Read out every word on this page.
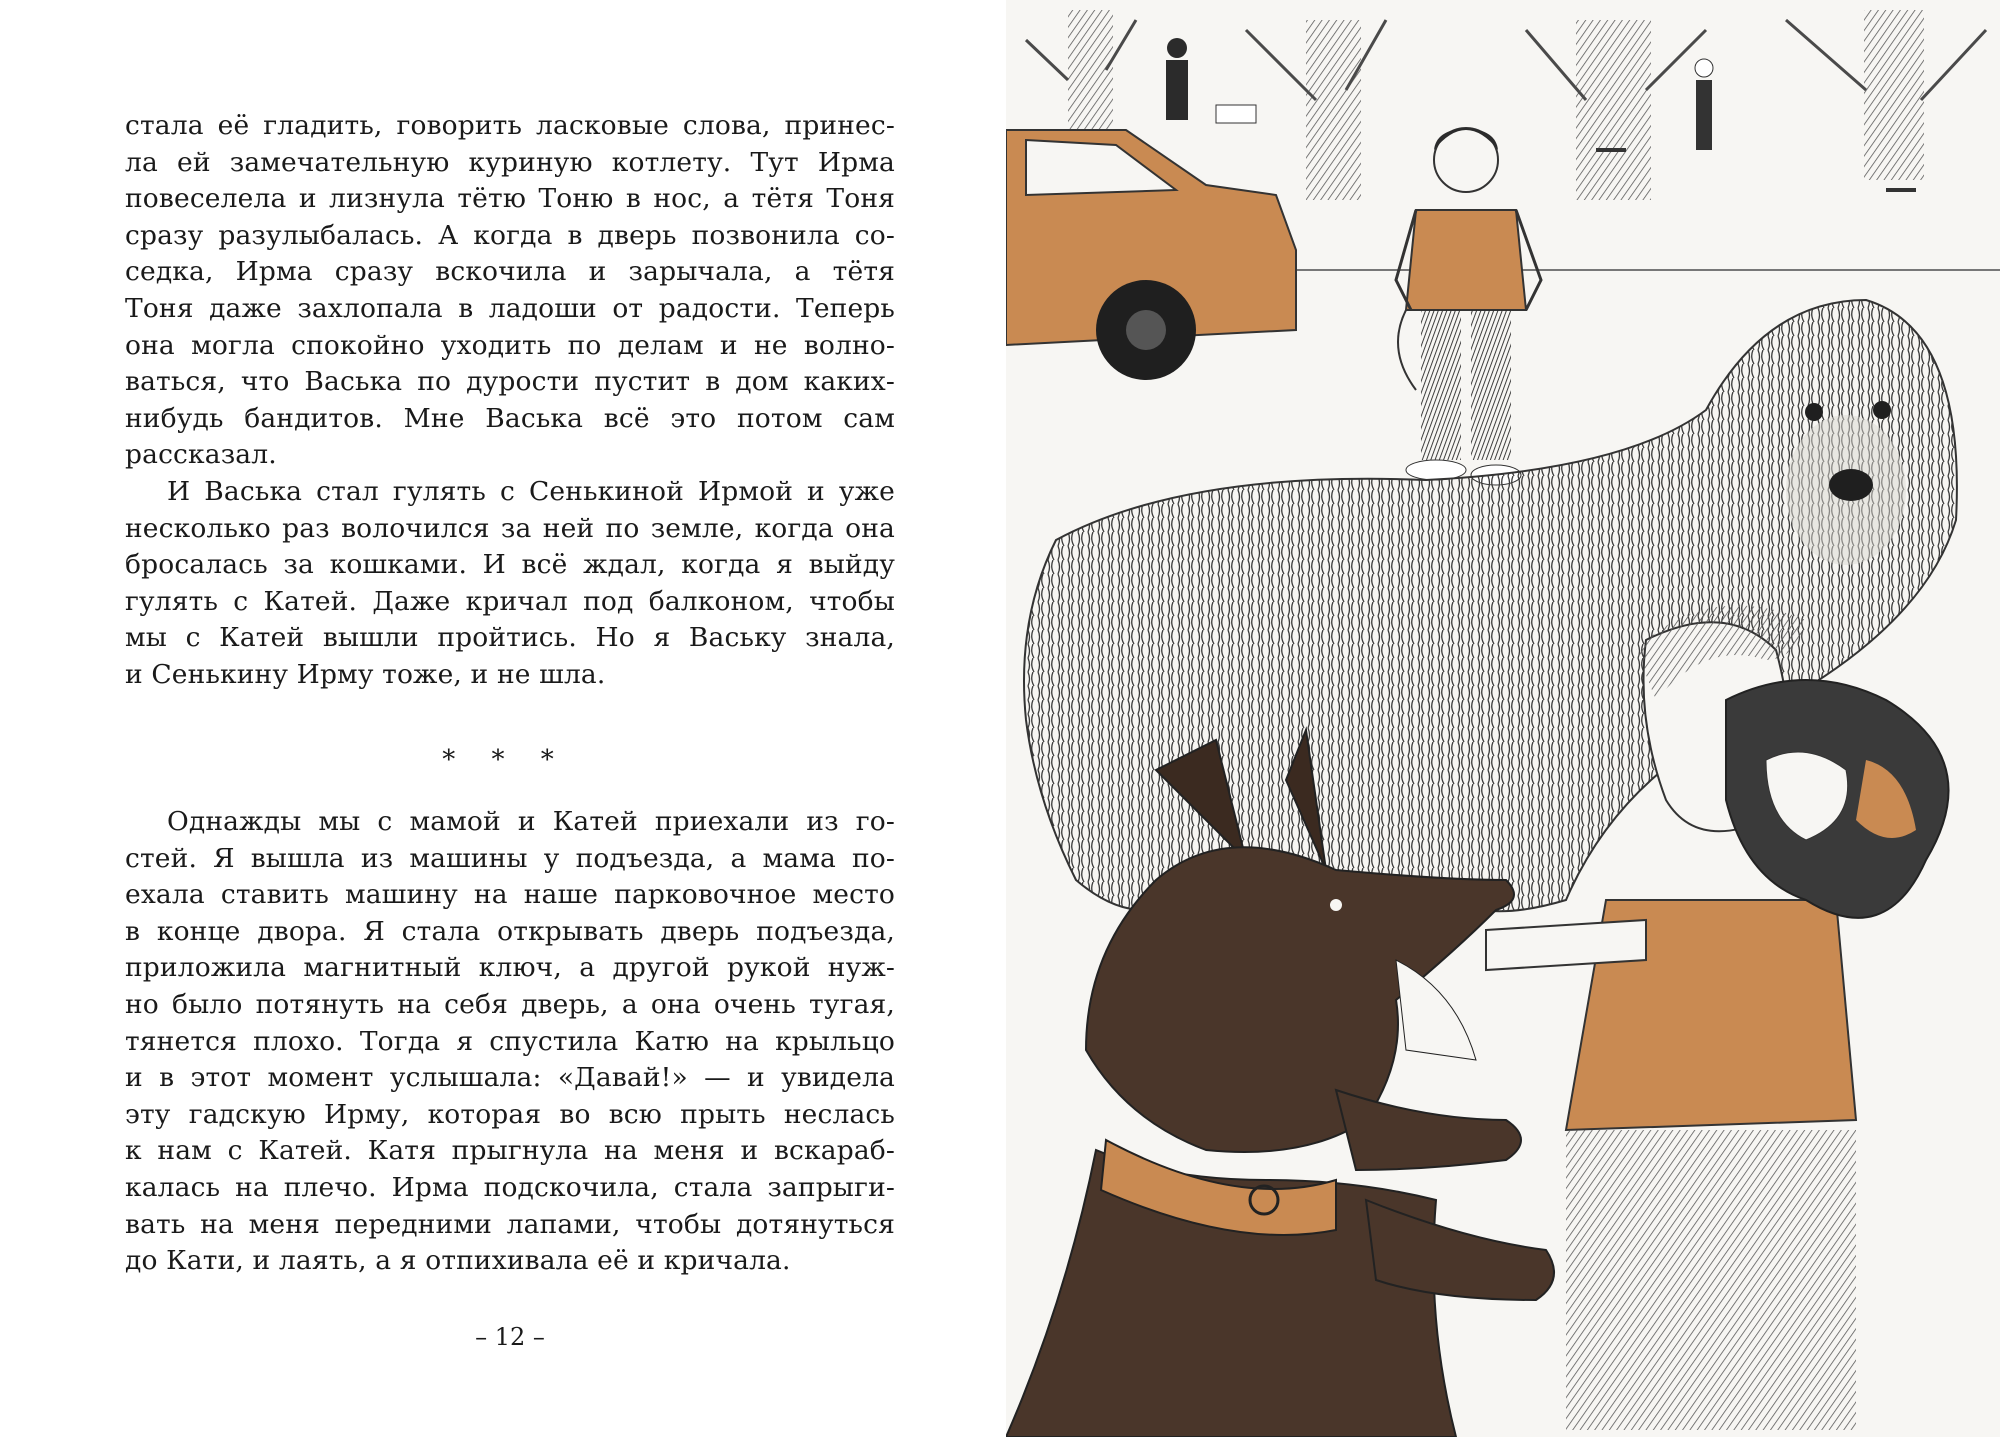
стала её гладить, говорить ласковые слова, принес-
ла ей замечательную куриную котлету. Тут Ирма
повеселела и лизнула тётю Тоню в нос, а тётя Тоня
сразу разулыбалась. А когда в дверь позвонила со-
седка, Ирма сразу вскочила и зарычала, а тётя
Тоня даже захлопала в ладоши от радости. Теперь
она могла спокойно уходить по делам и не волно-
ваться, что Васька по дурости пустит в дом каких-
нибудь бандитов. Мне Васька всё это потом сам
рассказал.
И Васька стал гулять с Сенькиной Ирмой и уже
несколько раз волочился за ней по земле, когда она
бросалась за кошками. И всё ждал, когда я выйду
гулять с Катей. Даже кричал под балконом, чтобы
мы с Катей вышли пройтись. Но я Ваську знала,
и Сенькину Ирму тоже, и не шла.
* * *
Однажды мы с мамой и Катей приехали из го-
стей. Я вышла из машины у подъезда, а мама по-
ехала ставить машину на наше парковочное место
в конце двора. Я стала открывать дверь подъезда,
приложила магнитный ключ, а другой рукой нуж-
но было потянуть на себя дверь, а она очень тугая,
тянется плохо. Тогда я спустила Катю на крыльцо
и в этот момент услышала: «Давай!» — и увидела
эту гадскую Ирму, которая во всю прыть неслась
к нам с Катей. Катя прыгнула на меня и вскараб-
калась на плечо. Ирма подскочила, стала запрыги-
вать на меня передними лапами, чтобы дотянуться
до Кати, и лаять, а я отпихивала её и кричала.
– 12 –
